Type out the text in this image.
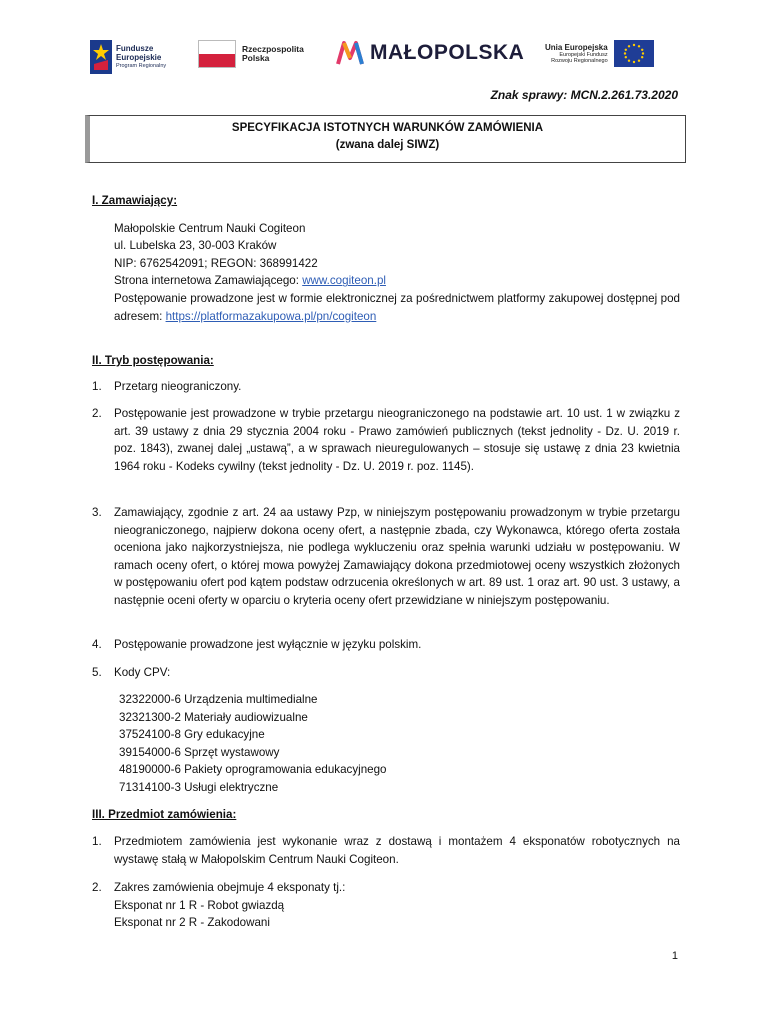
Fundusze
Europejskie
Program Regionalny
Rzeczpospolita
Polska	MAŁOPOLSKA	Unia Europejska
Europejski Fundusz
Rozwoju Regionalnego
Znak sprawy: MCN.2.261.73.2020
SPECYFIKACJA ISTOTNYCH WARUNKÓW ZAMÓWIENIA
(zwana dalej SIWZ)
I. Zamawiający:
Małopolskie Centrum Nauki Cogiteon
ul. Lubelska 23, 30-003 Kraków
NIP: 6762542091; REGON: 368991422
Strona internetowa Zamawiającego: www.cogiteon.pl
Postępowanie prowadzone jest w formie elektronicznej za pośrednictwem platformy zakupowej dostępnej pod adresem: https://platformazakupowa.pl/pn/cogiteon
II. Tryb postępowania:
1. Przetarg nieograniczony.
2. Postępowanie jest prowadzone w trybie przetargu nieograniczonego na podstawie art. 10 ust. 1 w związku z art. 39 ustawy z dnia 29 stycznia 2004 roku - Prawo zamówień publicznych (tekst jednolity - Dz. U. 2019 r. poz. 1843), zwanej dalej „ustawą”, a w sprawach nieuregulowanych – stosuje się ustawę z dnia 23 kwietnia 1964 roku - Kodeks cywilny (tekst jednolity - Dz. U. 2019 r. poz. 1145).
3. Zamawiający, zgodnie z art. 24 aa ustawy Pzp, w niniejszym postępowaniu prowadzonym w trybie przetargu nieograniczonego, najpierw dokona oceny ofert, a następnie zbada, czy Wykonawca, którego oferta została oceniona jako najkorzystniejsza, nie podlega wykluczeniu oraz spełnia warunki udziału w postępowaniu. W ramach oceny ofert, o której mowa powyżej Zamawiający dokona przedmiotowej oceny wszystkich złożonych w postępowaniu ofert pod kątem podstaw odrzucenia określonych w art. 89 ust. 1 oraz art. 90 ust. 3 ustawy, a następnie oceni oferty w oparciu o kryteria oceny ofert przewidziane w niniejszym postępowaniu.
4. Postępowanie prowadzone jest wyłącznie w języku polskim.
5. Kody CPV:
32322000-6 Urządzenia multimedialne
32321300-2 Materiały audiowizualne
37524100-8 Gry edukacyjne
39154000-6 Sprzęt wystawowy
48190000-6 Pakiety oprogramowania edukacyjnego
71314100-3 Usługi elektryczne
III. Przedmiot zamówienia:
1. Przedmiotem zamówienia jest wykonanie wraz z dostawą i montażem 4 eksponatów robotycznych na wystawę stałą w Małopolskim Centrum Nauki Cogiteon.
2. Zakres zamówienia obejmuje 4 eksponaty tj.:
Eksponat nr 1 R - Robot gwiazdą
Eksponat nr 2 R - Zakodowani
1
